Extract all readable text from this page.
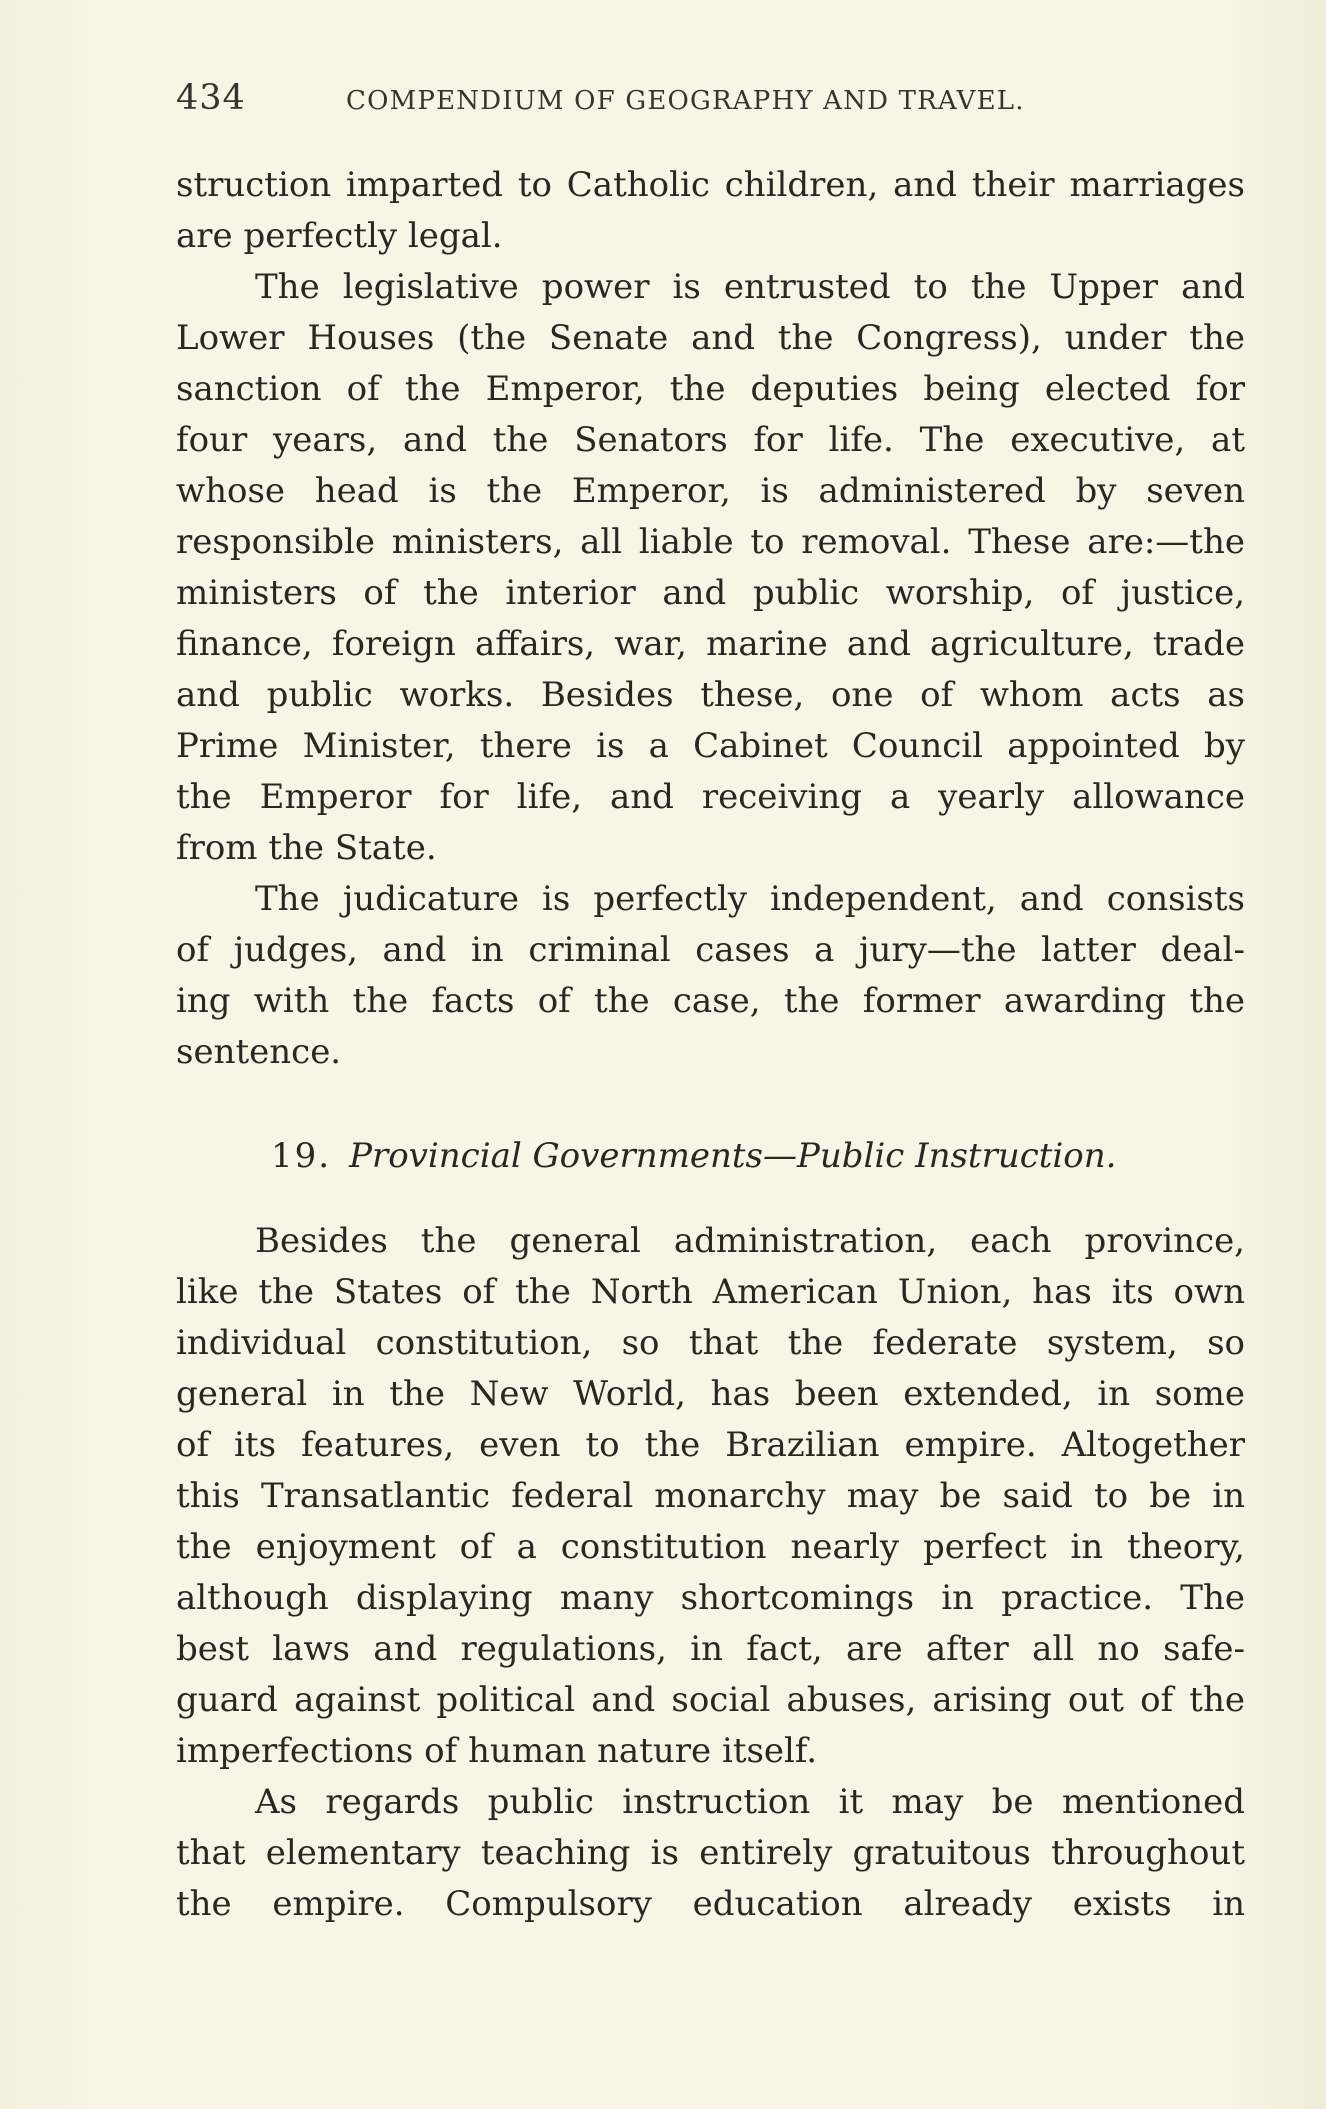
434	COMPENDIUM OF GEOGRAPHY AND TRAVEL.
struction imparted to Catholic children, and their marriages
are perfectly legal.
The legislative power is entrusted to the Upper and
Lower Houses (the Senate and the Congress), under the
sanction of the Emperor, the deputies being elected for
four years, and the Senators for life. The executive, at
whose head is the Emperor, is administered by seven
responsible ministers, all liable to removal. These are:—the
ministers of the interior and public worship, of justice,
finance, foreign affairs, war, marine and agriculture, trade
and public works. Besides these, one of whom acts as
Prime Minister, there is a Cabinet Council appointed by
the Emperor for life, and receiving a yearly allowance
from the State.
The judicature is perfectly independent, and consists
of judges, and in criminal cases a jury—the latter deal-
ing with the facts of the case, the former awarding the
sentence.
19. Provincial Governments—Public Instruction.
Besides the general administration, each province,
like the States of the North American Union, has its own
individual constitution, so that the federate system, so
general in the New World, has been extended, in some
of its features, even to the Brazilian empire. Altogether
this Transatlantic federal monarchy may be said to be in
the enjoyment of a constitution nearly perfect in theory,
although displaying many shortcomings in practice. The
best laws and regulations, in fact, are after all no safe-
guard against political and social abuses, arising out of the
imperfections of human nature itself.
As regards public instruction it may be mentioned
that elementary teaching is entirely gratuitous throughout
the empire. Compulsory education already exists in
